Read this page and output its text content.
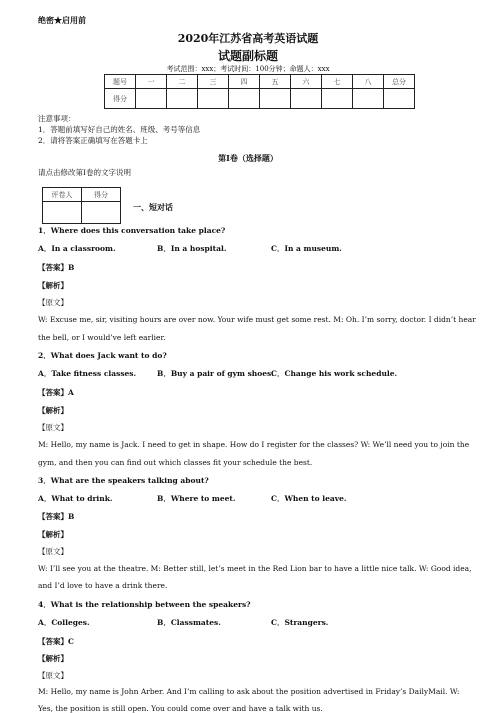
绝密★启用前
2020年江苏省高考英语试题
试题副标题
考试范围：xxx；考试时间：100分钟；命题人：xxx
题号	一	二	三	四	五	六	七	八	总分
得分									
注意事项：
1．答题前填写好自己的姓名、班级、考号等信息
2．请将答案正确填写在答题卡上
第I卷（选择题）
请点击修改第I卷的文字说明
评卷人	得分

一、短对话
1．Where does this conversation take place?
A．In a classroom.	B．In a hospital.	C．In a museum.
【答案】B
【解析】
【原文】
W: Excuse me, sir, visiting hours are over now. Your wife must get some rest. M: Oh. I’m sorry, doctor. I didn’t hear
the bell, or I would’ve left earlier.
2．What does Jack want to do?
A．Take fitness classes.	B．Buy a pair of gym shoes.
C．Change his work schedule.
【答案】A
【解析】
【原文】
M: Hello, my name is Jack. I need to get in shape. How do I register for the classes? W: We’ll need you to join the
gym, and then you can find out which classes fit your schedule the best.
3．What are the speakers talking about?
A．What to drink.	B．Where to meet.	C．When to leave.
【答案】B
【解析】
【原文】
W: I’ll see you at the theatre. M: Better still, let’s meet in the Red Lion bar to have a little nice talk. W: Good idea,
and I’d love to have a drink there.
4．What is the relationship between the speakers?
A．Colleges.	B．Classmates.	C．Strangers.
【答案】C
【解析】
【原文】
M: Hello, my name is John Arber. And I’m calling to ask about the position advertised in Friday’s DailyMail. W:
Yes, the position is still open. You could come over and have a talk with us.
